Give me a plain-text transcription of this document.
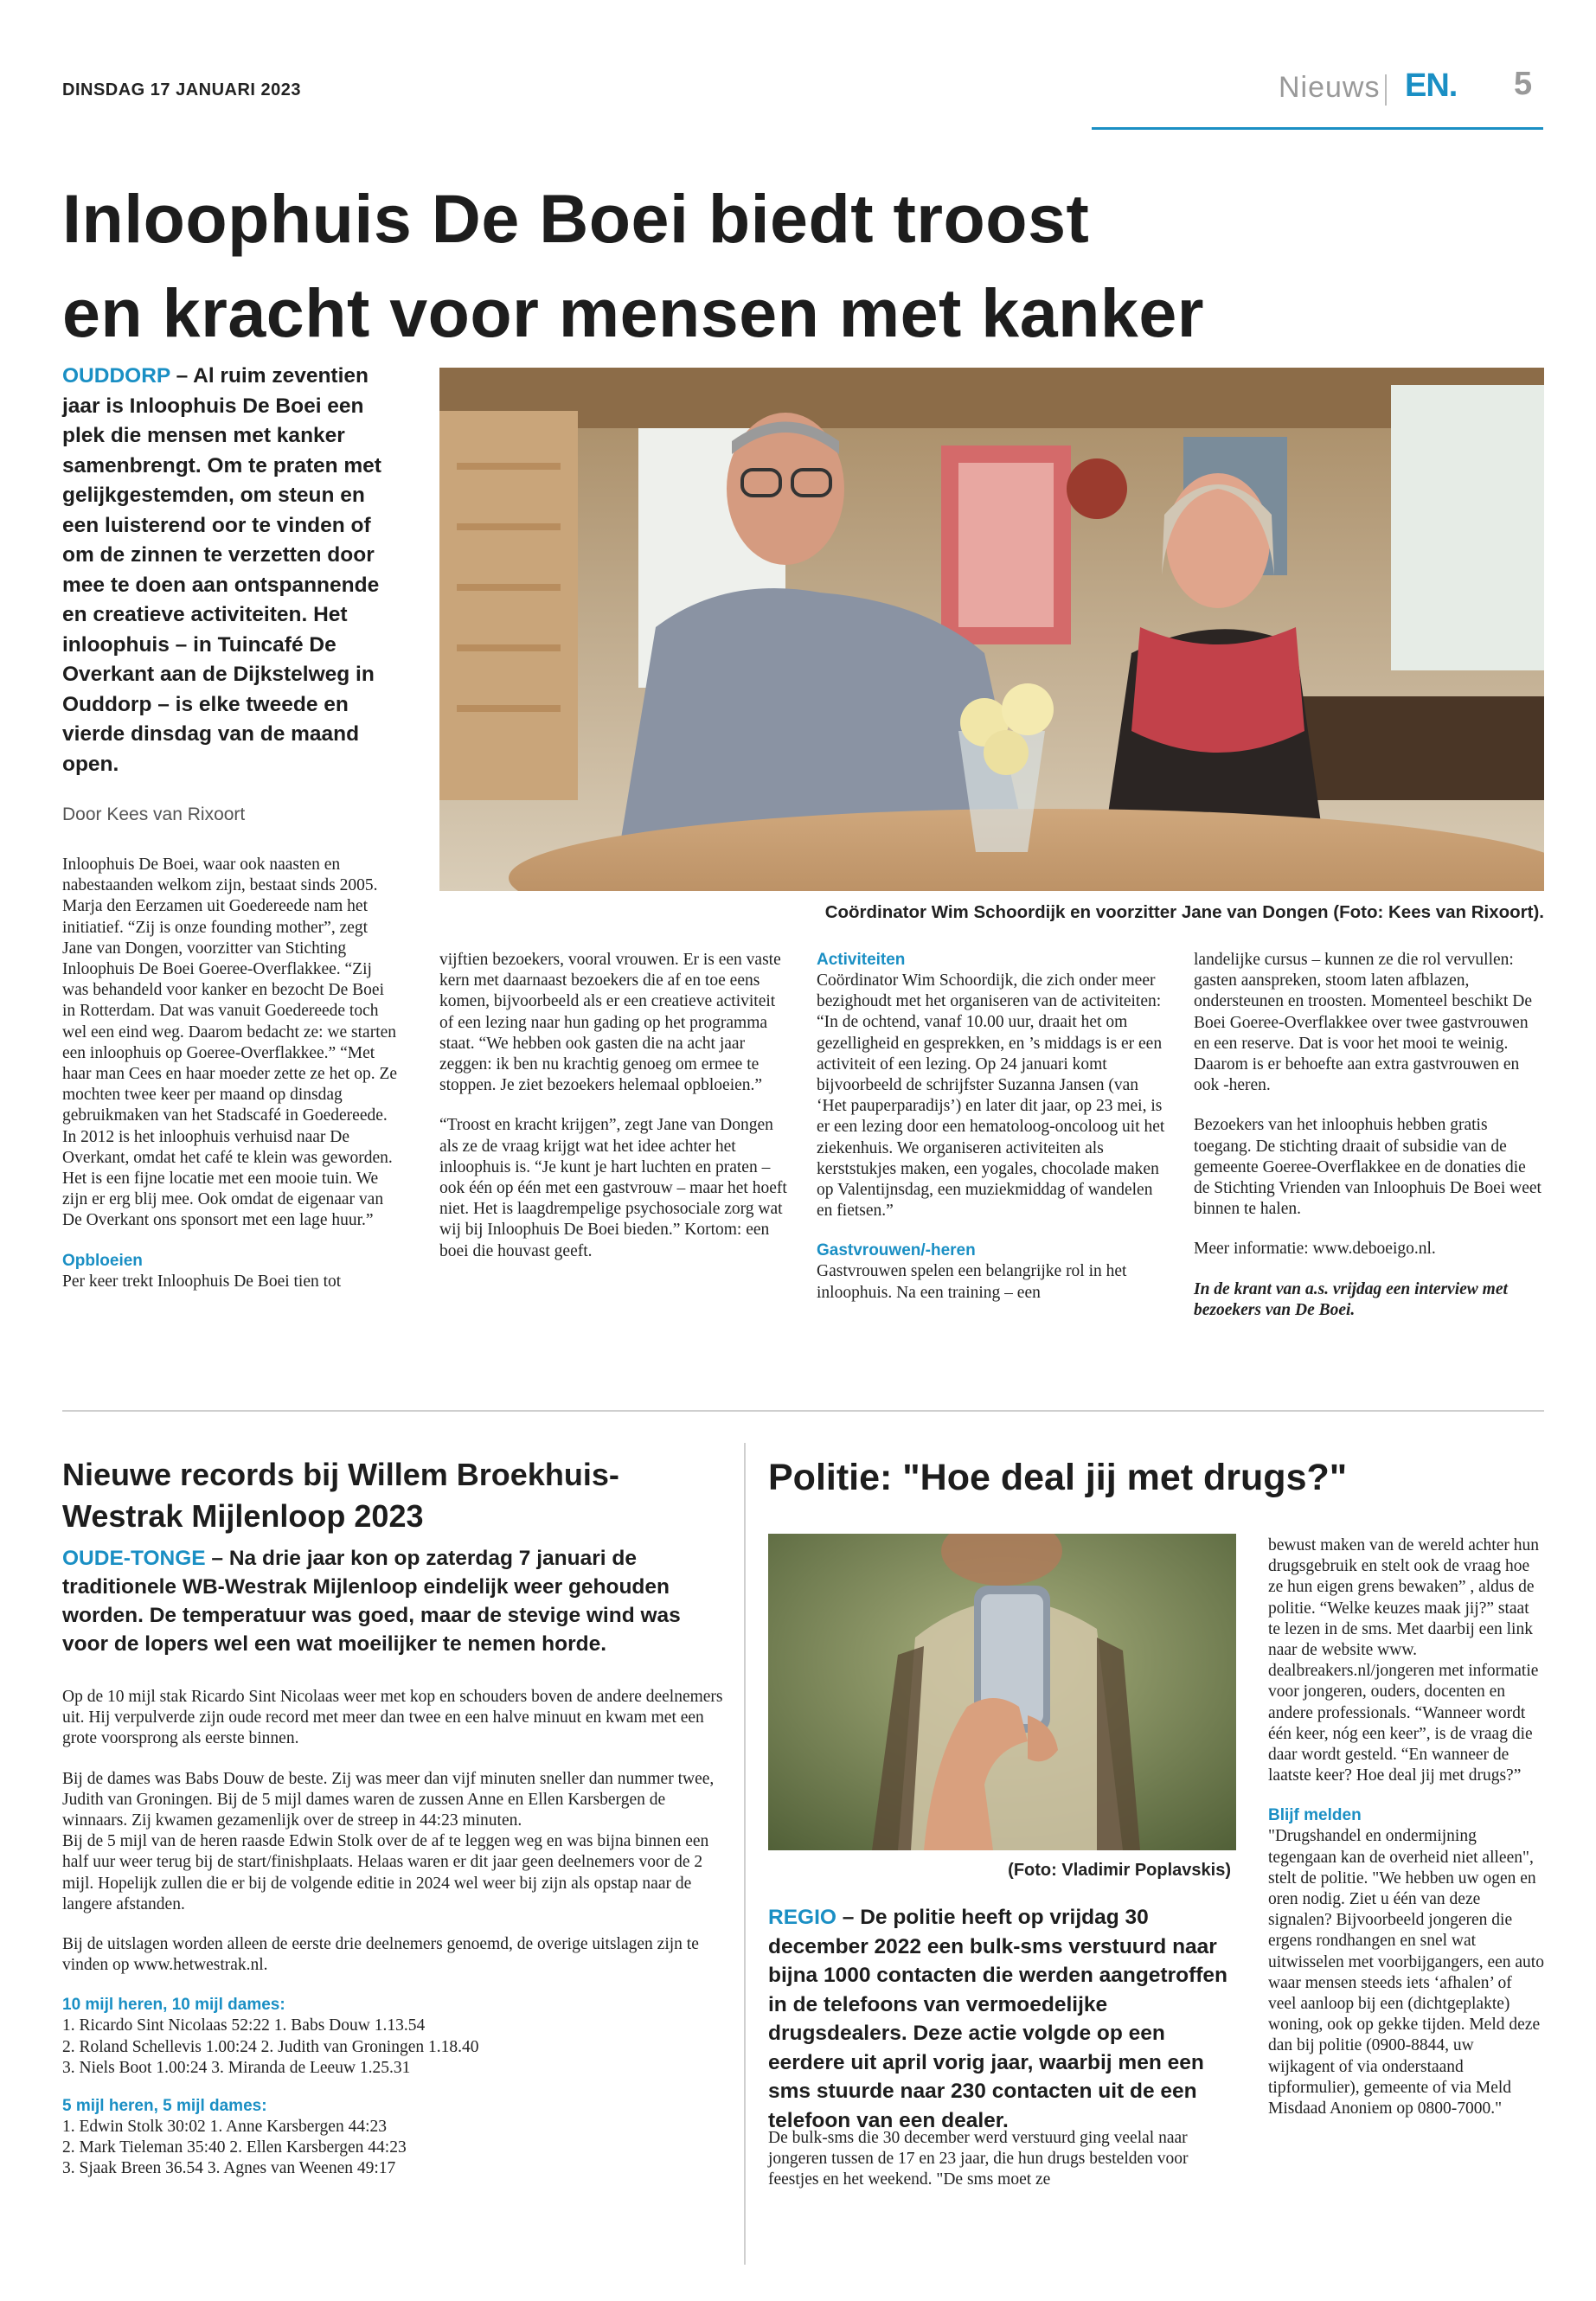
DINSDAG 17 JANUARI 2023	Nieuws EN. 5
Inloophuis De Boei biedt troost
en kracht voor mensen met kanker
OUDDORP – Al ruim zeventien jaar is Inloophuis De Boei een plek die mensen met kanker samenbrengt. Om te praten met gelijkgestemden, om steun en een luisterend oor te vinden of om de zinnen te verzetten door mee te doen aan ontspannende en creatieve activiteiten. Het inloophuis – in Tuincafé De Overkant aan de Dijkstelweg in Ouddorp – is elke tweede en vierde dinsdag van de maand open.
Door Kees van Rixoort

Inloophuis De Boei, waar ook naasten en nabestaanden welkom zijn, bestaat sinds 2005. Marja den Eerzamen uit Goedereede nam het initiatief. “Zij is onze founding mother”, zegt Jane van Dongen, voorzitter van Stichting Inloophuis De Boei Goeree-Overflakkee. “Zij was behandeld voor kanker en bezocht De Boei in Rotterdam. Dat was vanuit Goedereede toch wel een eind weg. Daarom bedacht ze: we starten een inloophuis op Goeree-Overflakkee.” “Met haar man Cees en haar moeder zette ze het op. Ze mochten twee keer per maand op dinsdag gebruikmaken van het Stadscafé in Goedereede. In 2012 is het inloophuis verhuisd naar De Overkant, omdat het café te klein was geworden. Het is een fijne locatie met een mooie tuin. We zijn er erg blij mee. Ook omdat de eigenaar van De Overkant ons sponsort met een lage huur.”

Opbloeien

Per keer trekt Inloophuis De Boei tien tot

Coördinator Wim Schoordijk en voorzitter Jane van Dongen (Foto: Kees van Rixoort).

vijftien bezoekers, vooral vrouwen. Er is een vaste kern met daarnaast bezoekers die af en toe eens komen, bijvoorbeeld als er een creatieve activiteit of een lezing naar hun gading op het programma staat. “We hebben ook gasten die na acht jaar zeggen: ik ben nu krachtig genoeg om ermee te stoppen. Je ziet bezoekers helemaal opbloeien.”

“Troost en kracht krijgen”, zegt Jane van Dongen als ze de vraag krijgt wat het idee achter het inloophuis is. “Je kunt je hart luchten en praten – ook één op één met een gastvrouw – maar het hoeft niet. Het is laagdrempelige psychosociale zorg wat wij bij Inloophuis De Boei bieden.” Kortom: een boei die houvast geeft.

Activiteiten

Coördinator Wim Schoordijk, die zich onder meer bezighoudt met het organiseren van de activiteiten: “In de ochtend, vanaf 10.00 uur, draait het om gezelligheid en gesprekken, en ’s middags is er een activiteit of een lezing. Op 24 januari komt bijvoorbeeld de schrijfster Suzanna Jansen (van ‘Het pauperparadijs’) en later dit jaar, op 23 mei, is er een lezing door een hematoloog-oncoloog uit het ziekenhuis. We organiseren activiteiten als kerststukjes maken, een yogales, chocolade maken op Valentijnsdag, een muziekmiddag of wandelen en fietsen.”

Gastvrouwen/-heren

Gastvrouwen spelen een belangrijke rol in het inloophuis. Na een training – een

landelijke cursus – kunnen ze die rol vervullen: gasten aanspreken, stoom laten afblazen, ondersteunen en troosten. Momenteel beschikt De Boei Goeree-Overflakkee over twee gastvrouwen en een reserve. Dat is voor het mooi te weinig. Daarom is er behoefte aan extra gastvrouwen en ook -heren.

Bezoekers van het inloophuis hebben gratis toegang. De stichting draait of subsidie van de gemeente Goeree-Overflakkee en de donaties die de Stichting Vrienden van Inloophuis De Boei weet binnen te halen.

Meer informatie: www.deboeigo.nl.

In de krant van a.s. vrijdag een interview met bezoekers van De Boei.

Nieuwe records bij Willem Broekhuis-Westrak Mijlenloop 2023
OUDE-TONGE – Na drie jaar kon op zaterdag 7 januari de traditionele WB-Westrak Mijlenloop eindelijk weer gehouden worden. De temperatuur was goed, maar de stevige wind was voor de lopers wel een wat moeilijker te nemen horde.

Op de 10 mijl stak Ricardo Sint Nicolaas weer met kop en schouders boven de andere deelnemers uit. Hij verpulverde zijn oude record met meer dan twee en een halve minuut en kwam met een grote voorsprong als eerste binnen.

Bij de dames was Babs Douw de beste. Zij was meer dan vijf minuten sneller dan nummer twee, Judith van Groningen. Bij de 5 mijl dames waren de zussen Anne en Ellen Karsbergen de winnaars. Zij kwamen gezamenlijk over de streep in 44:23 minuten.

Bij de 5 mijl van de heren raasde Edwin Stolk over de af te leggen weg en was bijna binnen een half uur weer terug bij de start/finishplaats. Helaas waren er dit jaar geen deelnemers voor de 2 mijl. Hopelijk zullen die er bij de volgende editie in 2024 wel weer bij zijn als opstap naar de langere afstanden.

Bij de uitslagen worden alleen de eerste drie deelnemers genoemd, de overige uitslagen zijn te vinden op www.hetwestrak.nl.

10 mijl heren, 10 mijl dames:

1. Ricardo Sint Nicolaas 52:22 1. Babs Douw 1.13.54

2. Roland Schellevis 1.00:24 2. Judith van Groningen 1.18.40

3. Niels Boot 1.00:24 3. Miranda de Leeuw 1.25.31

5 mijl heren, 5 mijl dames:

1. Edwin Stolk 30:02 1. Anne Karsbergen 44:23

2. Mark Tieleman 35:40 2. Ellen Karsbergen 44:23

3. Sjaak Breen 36.54 3. Agnes van Weenen 49:17

Politie: "Hoe deal jij met drugs?"
(Foto: Vladimir Poplavskis)
REGIO – De politie heeft op vrijdag 30 december 2022 een bulk-sms verstuurd naar bijna 1000 contacten die werden aangetroffen in de telefoons van vermoedelijke drugsdealers. Deze actie volgde op een eerdere uit april vorig jaar, waarbij men een sms stuurde naar 230 contacten uit de een telefoon van een dealer.

De bulk-sms die 30 december werd verstuurd ging veelal naar jongeren tussen de 17 en 23 jaar, die hun drugs bestelden voor feestjes en het weekend. "De sms moet ze

bewust maken van de wereld achter hun drugsgebruik en stelt ook de vraag hoe ze hun eigen grens bewaken” , aldus de politie. “Welke keuzes maak jij?” staat te lezen in de sms. Met daarbij een link naar de website www. dealbreakers.nl/jongeren met informatie voor jongeren, ouders, docenten en andere professionals. “Wanneer wordt één keer, nóg een keer”, is de vraag die daar wordt gesteld. “En wanneer de laatste keer? Hoe deal jij met drugs?”

Blijf melden

"Drugshandel en ondermijning tegengaan kan de overheid niet alleen", stelt de politie. "We hebben uw ogen en oren nodig. Ziet u één van deze signalen? Bijvoorbeeld jongeren die ergens rondhangen en snel wat uitwisselen met voorbijgangers, een auto waar mensen steeds iets ‘afhalen’ of veel aanloop bij een (dichtgeplakte) woning, ook op gekke tijden. Meld deze dan bij politie (0900-8844, uw wijkagent of via onderstaand tipformulier), gemeente of via Meld Misdaad Anoniem op 0800-7000."
